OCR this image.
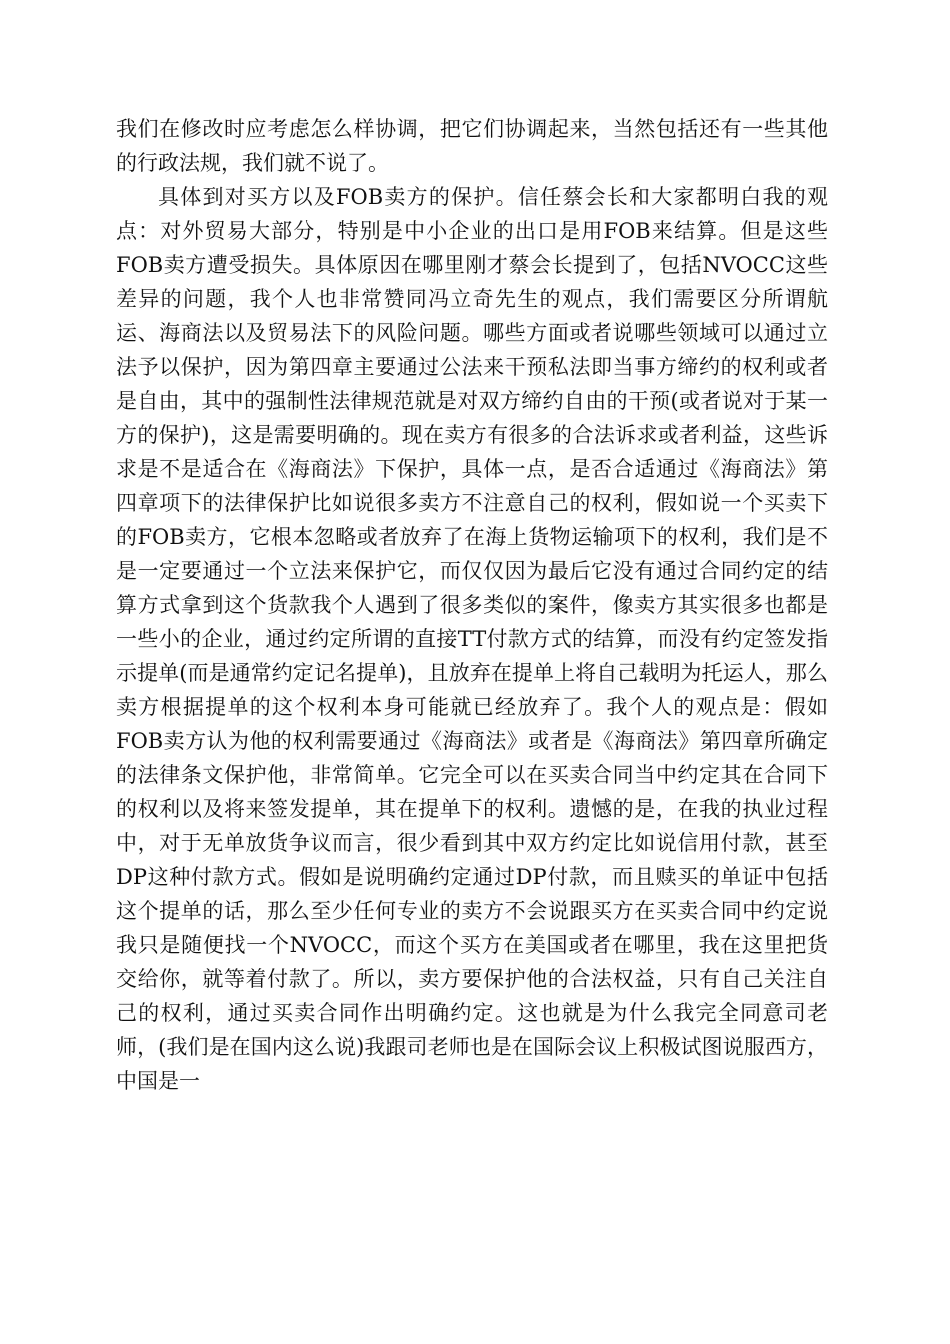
我们在修改时应考虑怎么样协调，把它们协调起来，当然包括还有一些其他的行政法规，我们就不说了。

具体到对买方以及FOB卖方的保护。信任蔡会长和大家都明白我的观点：对外贸易大部分，特别是中小企业的出口是用FOB来结算。但是这些FOB卖方遭受损失。具体原因在哪里刚才蔡会长提到了，包括NVOCC这些差异的问题，我个人也非常赞同冯立奇先生的观点，我们需要区分所谓航运、海商法以及贸易法下的风险问题。哪些方面或者说哪些领域可以通过立法予以保护，因为第四章主要通过公法来干预私法即当事方缔约的权利或者是自由，其中的强制性法律规范就是对双方缔约自由的干预(或者说对于某一方的保护)，这是需要明确的。现在卖方有很多的合法诉求或者利益，这些诉求是不是适合在《海商法》下保护，具体一点，是否合适通过《海商法》第四章项下的法律保护比如说很多卖方不注意自己的权利，假如说一个买卖下的FOB卖方，它根本忽略或者放弃了在海上货物运输项下的权利，我们是不是一定要通过一个立法来保护它，而仅仅因为最后它没有通过合同约定的结算方式拿到这个货款我个人遇到了很多类似的案件，像卖方其实很多也都是一些小的企业，通过约定所谓的直接TT付款方式的结算，而没有约定签发指示提单(而是通常约定记名提单)，且放弃在提单上将自己载明为托运人，那么卖方根据提单的这个权利本身可能就已经放弃了。我个人的观点是：假如FOB卖方认为他的权利需要通过《海商法》或者是《海商法》第四章所确定的法律条文保护他，非常简单。它完全可以在买卖合同当中约定其在合同下的权利以及将来签发提单，其在提单下的权利。遗憾的是，在我的执业过程中，对于无单放货争议而言，很少看到其中双方约定比如说信用付款，甚至DP这种付款方式。假如是说明确约定通过DP付款，而且赎买的单证中包括这个提单的话，那么至少任何专业的卖方不会说跟买方在买卖合同中约定说我只是随便找一个NVOCC，而这个买方在美国或者在哪里，我在这里把货交给你，就等着付款了。所以，卖方要保护他的合法权益，只有自己关注自己的权利，通过买卖合同作出明确约定。这也就是为什么我完全同意司老师，(我们是在国内这么说)我跟司老师也是在国际会议上积极试图说服西方，中国是一
